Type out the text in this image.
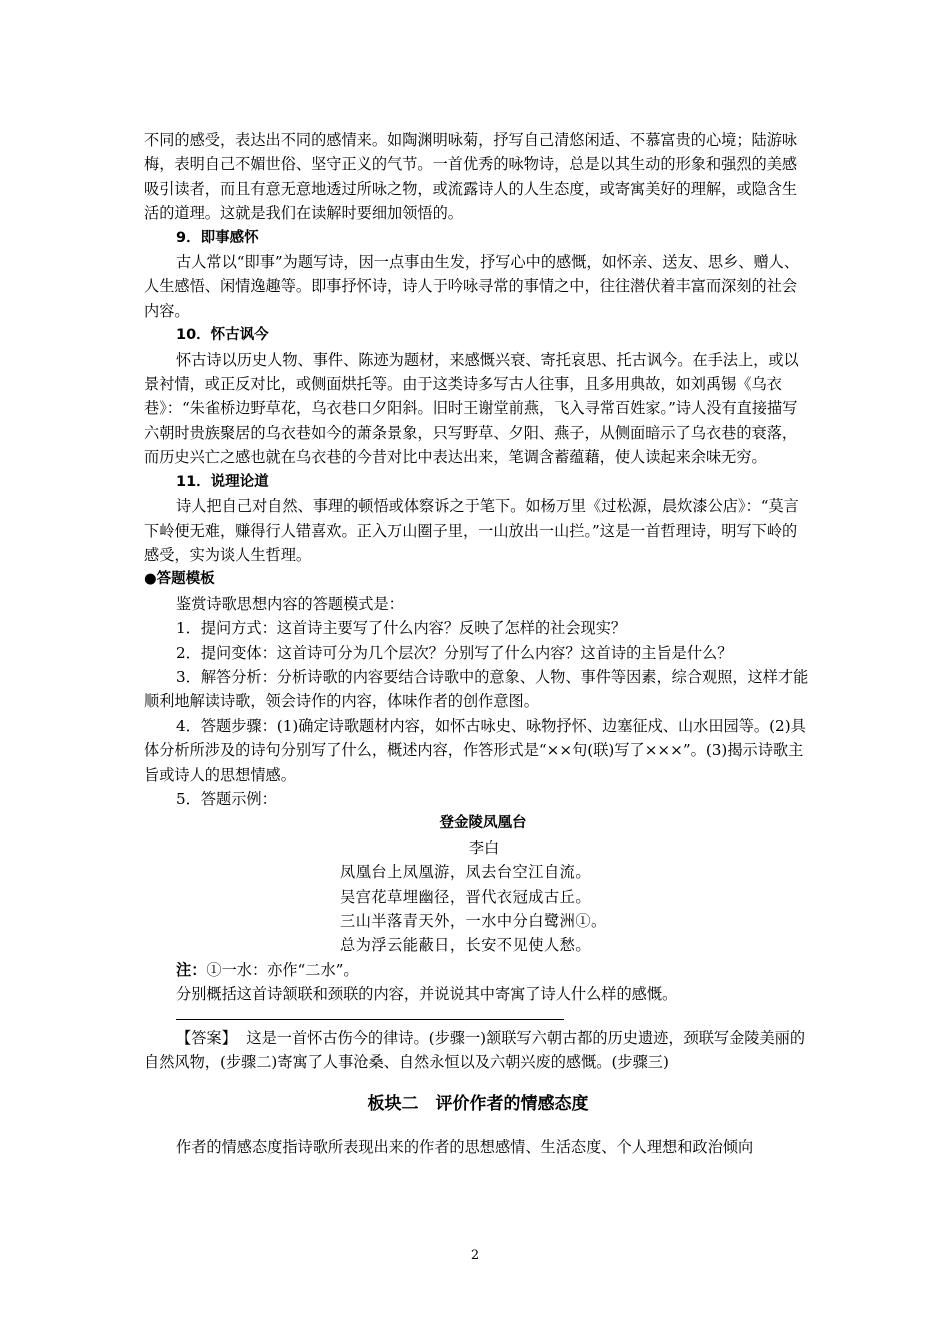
不同的感受，表达出不同的感情来。如陶渊明咏菊，抒写自己清悠闲适、不慕富贵的心境；陆游咏梅，表明自己不媚世俗、坚守正义的气节。一首优秀的咏物诗，总是以其生动的形象和强烈的美感吸引读者，而且有意无意地透过所咏之物，或流露诗人的人生态度，或寄寓美好的理解，或隐含生活的道理。这就是我们在读解时要细加领悟的。

9．即事感怀

古人常以“即事”为题写诗，因一点事由生发，抒写心中的感慨，如怀亲、送友、思乡、赠人、人生感悟、闲情逸趣等。即事抒怀诗，诗人于吟咏寻常的事情之中，往往潜伏着丰富而深刻的社会内容。

10．怀古讽今

怀古诗以历史人物、事件、陈迹为题材，来感慨兴衰、寄托哀思、托古讽今。在手法上，或以景衬情，或正反对比，或侧面烘托等。由于这类诗多写古人往事，且多用典故，如刘禹锡《乌衣巷》：“朱雀桥边野草花，乌衣巷口夕阳斜。旧时王谢堂前燕，飞入寻常百姓家。”诗人没有直接描写六朝时贵族聚居的乌衣巷如今的萧条景象，只写野草、夕阳、燕子，从侧面暗示了乌衣巷的衰落，而历史兴亡之感也就在乌衣巷的今昔对比中表达出来，笔调含蓄蕴藉，使人读起来余味无穷。

11．说理论道

诗人把自己对自然、事理的顿悟或体察诉之于笔下。如杨万里《过松源，晨炊漆公店》：“莫言下岭便无难，赚得行人错喜欢。正入万山圈子里，一山放出一山拦。”这是一首哲理诗，明写下岭的感受，实为谈人生哲理。

●答题模板

鉴赏诗歌思想内容的答题模式是：

1．提问方式：这首诗主要写了什么内容？反映了怎样的社会现实？

2．提问变体：这首诗可分为几个层次？分别写了什么内容？这首诗的主旨是什么？

3．解答分析：分析诗歌的内容要结合诗歌中的意象、人物、事件等因素，综合观照，这样才能顺利地解读诗歌，领会诗作的内容，体味作者的创作意图。

4．答题步骤：(1)确定诗歌题材内容，如怀古咏史、咏物抒怀、边塞征戍、山水田园等。(2)具体分析所涉及的诗句分别写了什么，概述内容，作答形式是“××句(联)写了×××”。(3)揭示诗歌主旨或诗人的思想情感。

5．答题示例：

登金陵凤凰台

李白

凤凰台上凤凰游，凤去台空江自流。

吴宫花草埋幽径，晋代衣冠成古丘。

三山半落青天外，一水中分白鹭洲①。

总为浮云能蔽日，长安不见使人愁。

注：①一水：亦作“二水”。

分别概括这首诗颔联和颈联的内容，并说说其中寄寓了诗人什么样的感慨。

【答案】 这是一首怀古伤今的律诗。(步骤一)颔联写六朝古都的历史遗迹，颈联写金陵美丽的自然风物，(步骤二)寄寓了人事沧桑、自然永恒以及六朝兴废的感慨。(步骤三)

板块二　评价作者的情感态度

作者的情感态度指诗歌所表现出来的作者的思想感情、生活态度、个人理想和政治倾向

2
